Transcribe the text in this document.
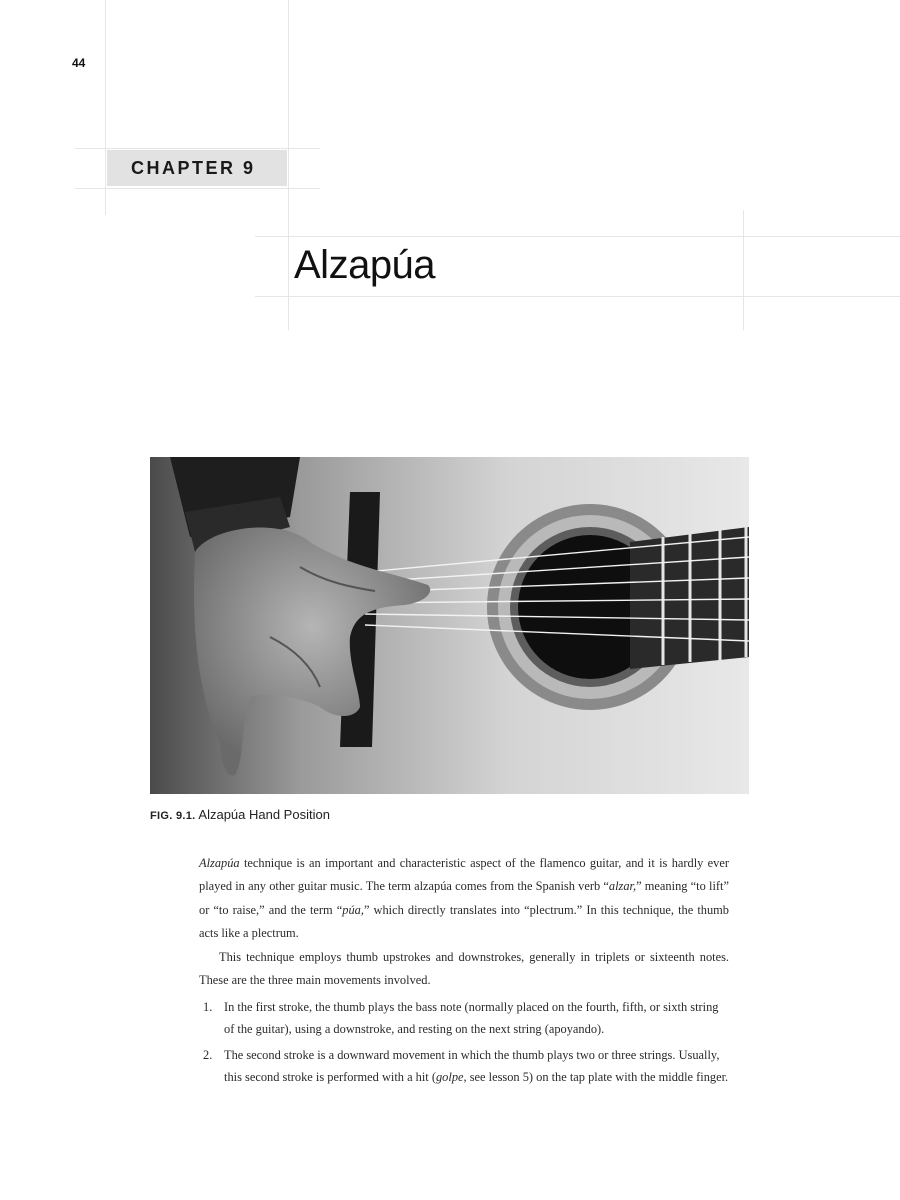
44
CHAPTER 9
Alzapúa
FIG. 9.1. Alzapúa Hand Position

Alzapúa technique is an important and characteristic aspect of the flamenco guitar, and it is hardly ever played in any other guitar music. The term alzapúa comes from the Spanish verb “alzar,” meaning “to lift” or “to raise,” and the term “púa,” which directly translates into “plectrum.” In this technique, the thumb acts like a plectrum.

This technique employs thumb upstrokes and downstrokes, generally in triplets or sixteenth notes. These are the three main movements involved.

1. In the first stroke, the thumb plays the bass note (normally placed on the fourth, fifth, or sixth string of the guitar), using a downstroke, and resting on the next string (apoyando).
2. The second stroke is a downward movement in which the thumb plays two or three strings. Usually, this second stroke is performed with a hit (golpe, see lesson 5) on the tap plate with the middle finger.
